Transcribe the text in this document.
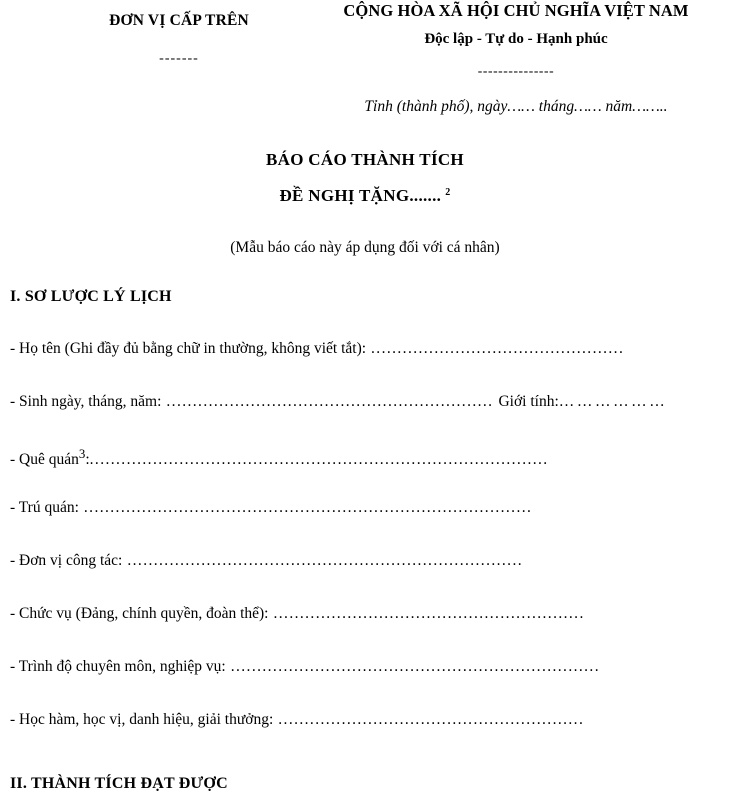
ĐƠN VỊ CẤP TRÊN
-------
CỘNG HÒA XÃ HỘI CHỦ NGHĨA VIỆT NAM
Độc lập - Tự do - Hạnh phúc
---------------
Tỉnh (thành phố), ngày…… tháng…… năm……..
BÁO CÁO THÀNH TÍCH
ĐỀ NGHỊ TẶNG....... $^2$
(Mẫu báo cáo này áp dụng đối với cá nhân)
I. SƠ LƯỢC LÝ LỊCH
- Họ tên (Ghi đầy đủ bằng chữ in thường, không viết tắt): ................................................
- Sinh ngày, tháng, năm: .............................................................. Giới tính:………………
- Quê quán$^3$:.......................................................................................
- Trú quán: .....................................................................................
- Đơn vị công tác: ...........................................................................
- Chức vụ (Đảng, chính quyền, đoàn thể): ...........................................................
- Trình độ chuyên môn, nghiệp vụ: ......................................................................
- Học hàm, học vị, danh hiệu, giải thưởng: ..........................................................
II. THÀNH TÍCH ĐẠT ĐƯỢC
